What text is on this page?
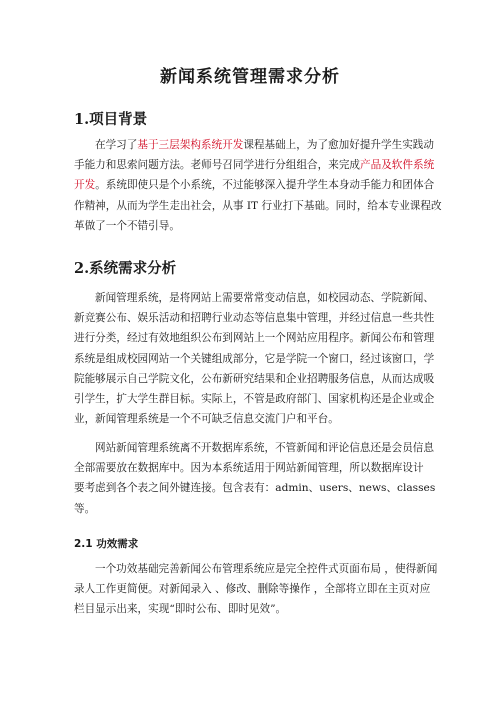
新闻系统管理需求分析
1.项目背景
在学习了基于三层架构系统开发课程基础上，为了愈加好提升学生实践动
手能力和思索问题方法。老师号召同学进行分组组合，来完成产品及软件系统
开发。系统即使只是个小系统，不过能够深入提升学生本身动手能力和团体合
作精神，从而为学生走出社会，从事 IT 行业打下基础。同时，给本专业课程改
革做了一个不错引导。
2.系统需求分析
新闻管理系统，是将网站上需要常常变动信息，如校园动态、学院新闻、
新竞赛公布、娱乐活动和招聘行业动态等信息集中管理，并经过信息一些共性
进行分类，经过有效地组织公布到网站上一个网站应用程序。新闻公布和管理
系统是组成校园网站一个关键组成部分，它是学院一个窗口，经过该窗口，学
院能够展示自己学院文化，公布新研究结果和企业招聘服务信息，从而达成吸
引学生，扩大学生群目标。实际上，不管是政府部门、国家机构还是企业或企
业，新闻管理系统是一个不可缺乏信息交流门户和平台。
网站新闻管理系统离不开数据库系统，不管新闻和评论信息还是会员信息
全部需要放在数据库中。因为本系统适用于网站新闻管理，所以数据库设计
要考虑到各个表之间外键连接。包含表有：admin、users、news、classes
等。
2.1 功效需求
一个功效基础完善新闻公布管理系统应是完全控件式页面布局 ，使得新闻
录人工作更简便。对新闻录入 、修改、删除等操作 ，全部将立即在主页对应
栏目显示出来，实现“即时公布、即时见效”。
